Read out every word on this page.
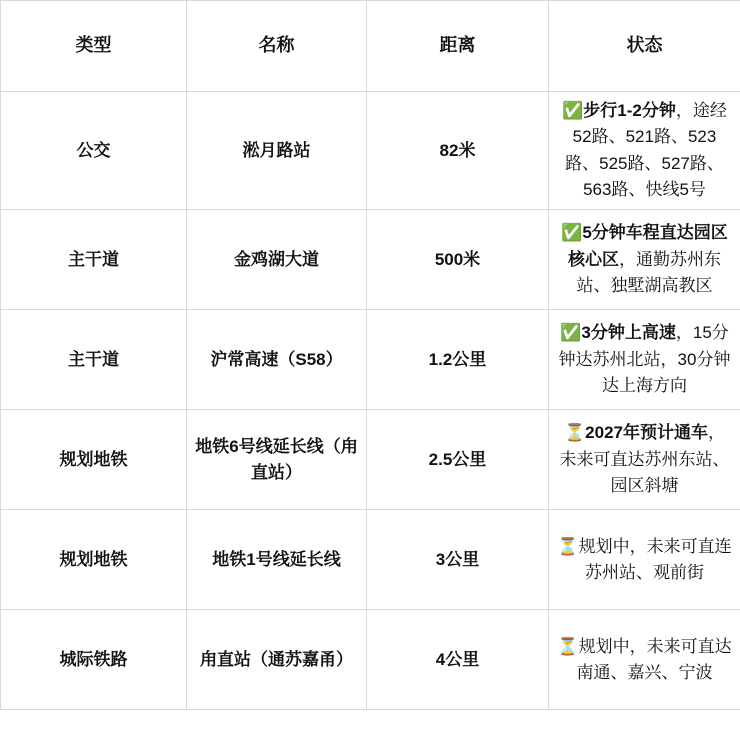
类型	名称	距离	状态
公交	淞月路站	82米	✅步行1-2分钟，途经52路、521路、523路、525路、527路、563路、快线5号
主干道	金鸡湖大道	500米	✅5分钟车程直达园区核心区，通勤苏州东站、独墅湖高教区
主干道	沪常高速（S58）	1.2公里	✅3分钟上高速，15分钟达苏州北站，30分钟达上海方向
规划地铁	地铁6号线延长线（甪直站）	2.5公里	⏳2027年预计通车，未来可直达苏州东站、园区斜塘
规划地铁	地铁1号线延长线	3公里	⏳规划中，未来可直连苏州站、观前街
城际铁路	甪直站（通苏嘉甬）	4公里	⏳规划中，未来可直达南通、嘉兴、宁波
